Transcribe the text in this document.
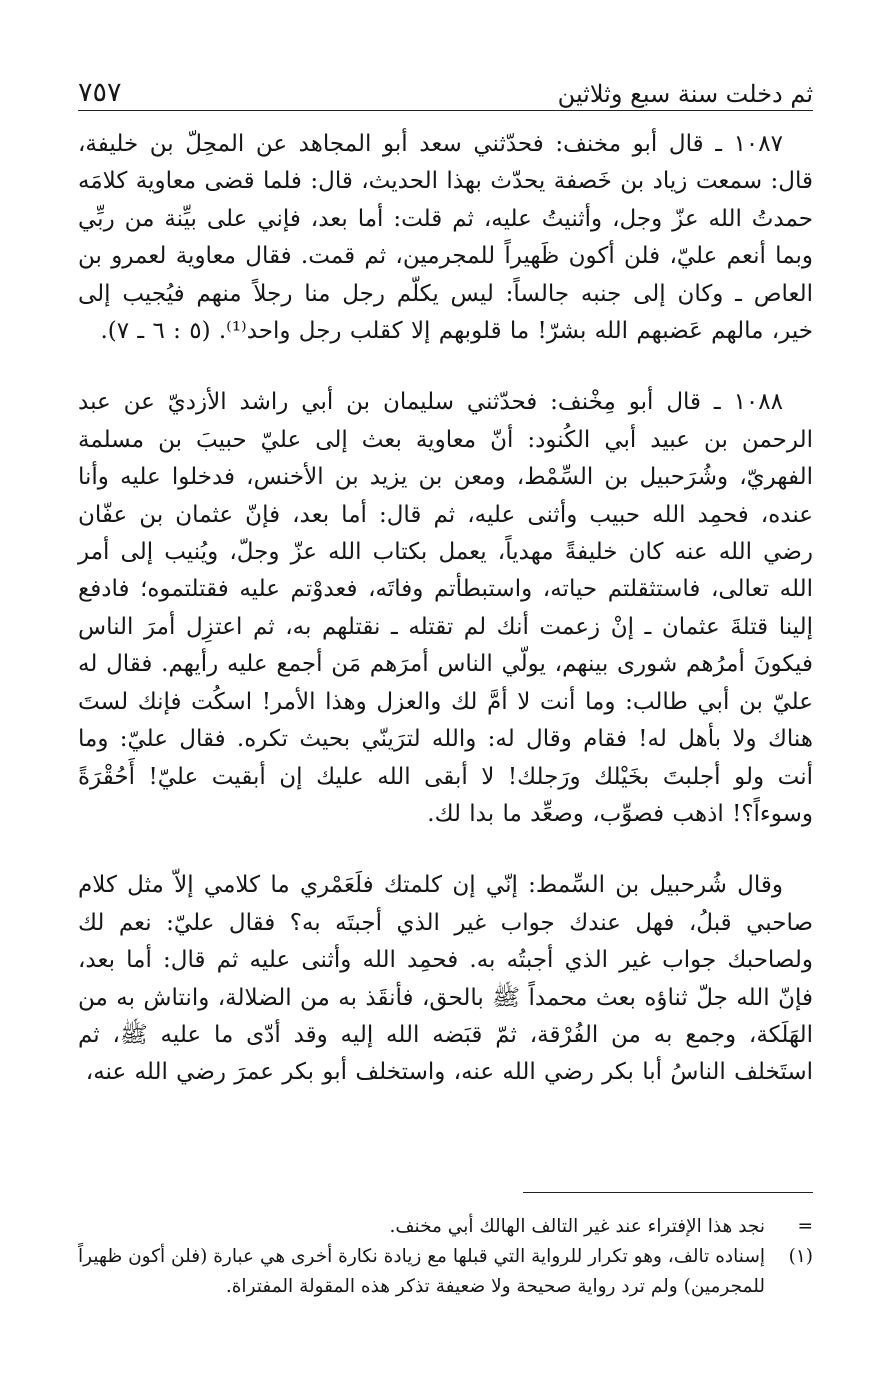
ثم دخلت سنة سبع وثلاثين
٧٥٧

١٠٨٧ ـ قال أبو مخنف: فحدّثني سعد أبو المجاهد عن المحِلّ بن خليفة، قال: سمعت زياد بن خَصفة يحدّث بهذا الحديث، قال: فلما قضى معاوية كلامَه حمدتُ الله عزّ وجل، وأثنيتُ عليه، ثم قلت: أما بعد، فإني على بيِّنة من ربِّي وبما أنعم عليّ، فلن أكون ظَهيراً للمجرمين، ثم قمت. فقال معاوية لعمرو بن العاص ـ وكان إلى جنبه جالساً: ليس يكلّم رجل منا رجلاً منهم فيُجيب إلى خير، مالهم عَضبهم الله بشرّ! ما قلوبهم إلا كقلب رجل واحد⁽¹⁾. (٥ : ٦ ـ ٧).

١٠٨٨ ـ قال أبو مِخْنف: فحدّثني سليمان بن أبي راشد الأزديّ عن عبد الرحمن بن عبيد أبي الكُنود: أنّ معاوية بعث إلى عليّ حبيبَ بن مسلمة الفهريّ، وشُرَحبيل بن السِّمْط، ومعن بن يزيد بن الأخنس، فدخلوا عليه وأنا عنده، فحمِد الله حبيب وأثنى عليه، ثم قال: أما بعد، فإنّ عثمان بن عفّان رضي الله عنه كان خليفةً مهدياً، يعمل بكتاب الله عزّ وجلّ، ويُنيب إلى أمر الله تعالى، فاستثقلتم حياته، واستبطأتم وفاتَه، فعدوْتم عليه فقتلتموه؛ فادفع إلينا قتلةَ عثمان ـ إنْ زعمت أنك لم تقتله ـ نقتلهم به، ثم اعتزِل أمرَ الناس فيكونَ أمرُهم شورى بينهم، يولّي الناس أمرَهم مَن أجمع عليه رأيهم. فقال له عليّ بن أبي طالب: وما أنت لا أمَّ لك والعزل وهذا الأمر! اسكُت فإنك لستَ هناك ولا بأهل له! فقام وقال له: والله لترَينّي بحيث تكره. فقال عليّ: وما أنت ولو أجلبتَ بخَيْلك ورَجلك! لا أبقى الله عليك إن أبقيت عليّ! أَحُقْرَةً وسوءاً؟! اذهب فصوِّب، وصعِّد ما بدا لك.

وقال شُرحبيل بن السِّمط: إنّي إن كلمتك فلَعَمْري ما كلامي إلاّ مثل كلام صاحبي قبلُ، فهل عندك جواب غير الذي أجبتَه به؟ فقال عليّ: نعم لك ولصاحبك جواب غير الذي أجبتُه به. فحمِد الله وأثنى عليه ثم قال: أما بعد، فإنّ الله جلّ ثناؤه بعث محمداً ﷺ بالحق، فأنقَذ به من الضلالة، وانتاش به من الهَلَكة، وجمع به من الفُرْقة، ثمّ قبَضه الله إليه وقد أدّى ما عليه ﷺ، ثم استَخلف الناسُ أبا بكر رضي الله عنه، واستخلف أبو بكر عمرَ رضي الله عنه،

=
نجد هذا الإفتراء عند غير التالف الهالك أبي مخنف.
(١)
إسناده تالف، وهو تكرار للرواية التي قبلها مع زيادة نكارة أخرى هي عبارة (فلن أكون ظهيراً للمجرمين) ولم ترد رواية صحيحة ولا ضعيفة تذكر هذه المقولة المفتراة.
